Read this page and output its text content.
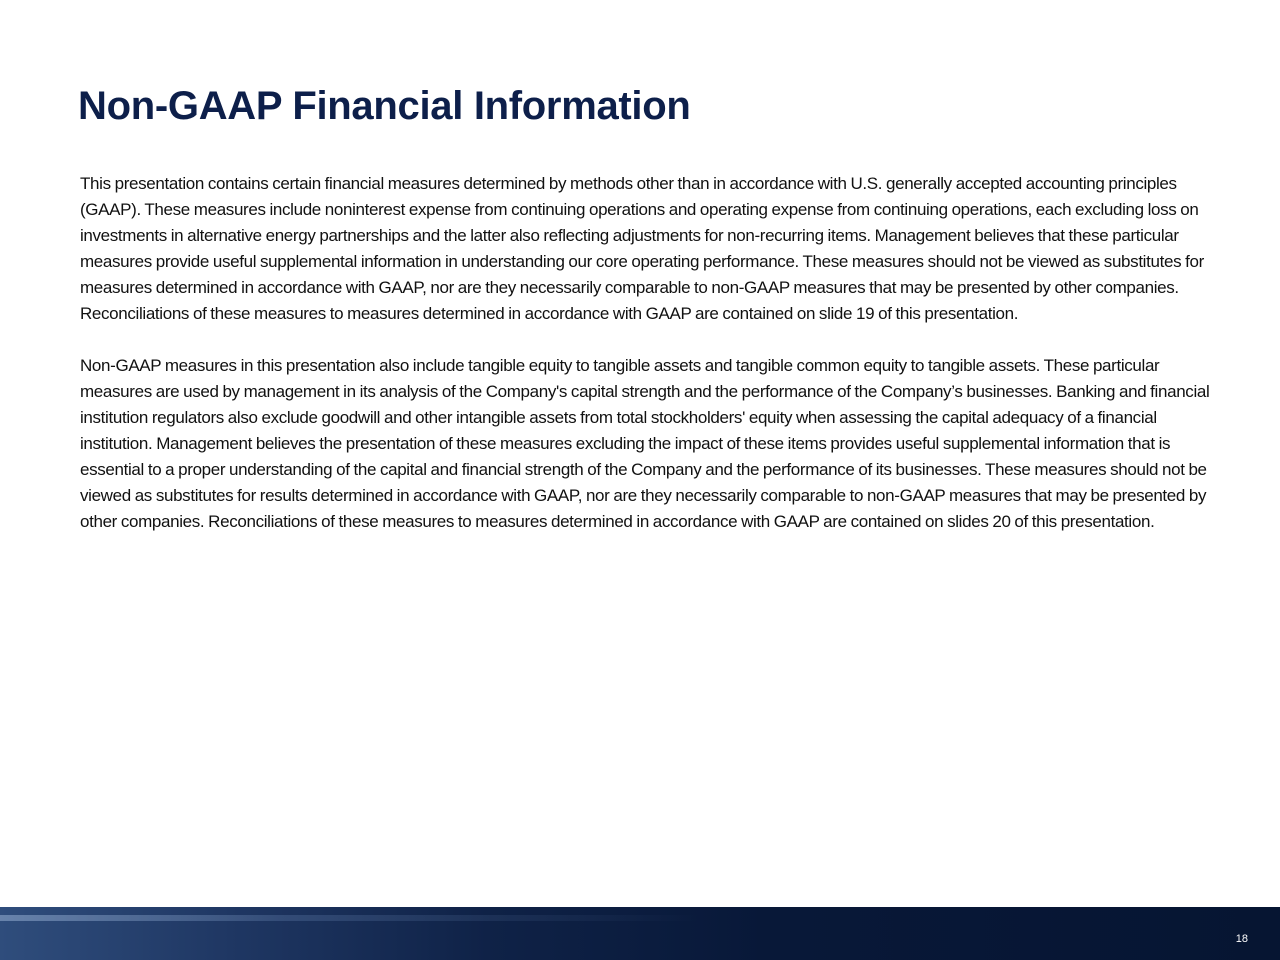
Non-GAAP Financial Information

This presentation contains certain financial measures determined by methods other than in accordance with U.S. generally accepted accounting principles (GAAP). These measures include noninterest expense from continuing operations and operating expense from continuing operations, each excluding loss on investments in alternative energy partnerships and the latter also reflecting adjustments for non-recurring items. Management believes that these particular measures provide useful supplemental information in understanding our core operating performance. These measures should not be viewed as substitutes for measures determined in accordance with GAAP, nor are they necessarily comparable to non-GAAP measures that may be presented by other companies. Reconciliations of these measures to measures determined in accordance with GAAP are contained on slide 19 of this presentation.

Non-GAAP measures in this presentation also include tangible equity to tangible assets and tangible common equity to tangible assets. These particular measures are used by management in its analysis of the Company's capital strength and the performance of the Company’s businesses. Banking and financial institution regulators also exclude goodwill and other intangible assets from total stockholders' equity when assessing the capital adequacy of a financial institution. Management believes the presentation of these measures excluding the impact of these items provides useful supplemental information that is essential to a proper understanding of the capital and financial strength of the Company and the performance of its businesses. These measures should not be viewed as substitutes for results determined in accordance with GAAP, nor are they necessarily comparable to non-GAAP measures that may be presented by other companies. Reconciliations of these measures to measures determined in accordance with GAAP are contained on slides 20 of this presentation.

18
